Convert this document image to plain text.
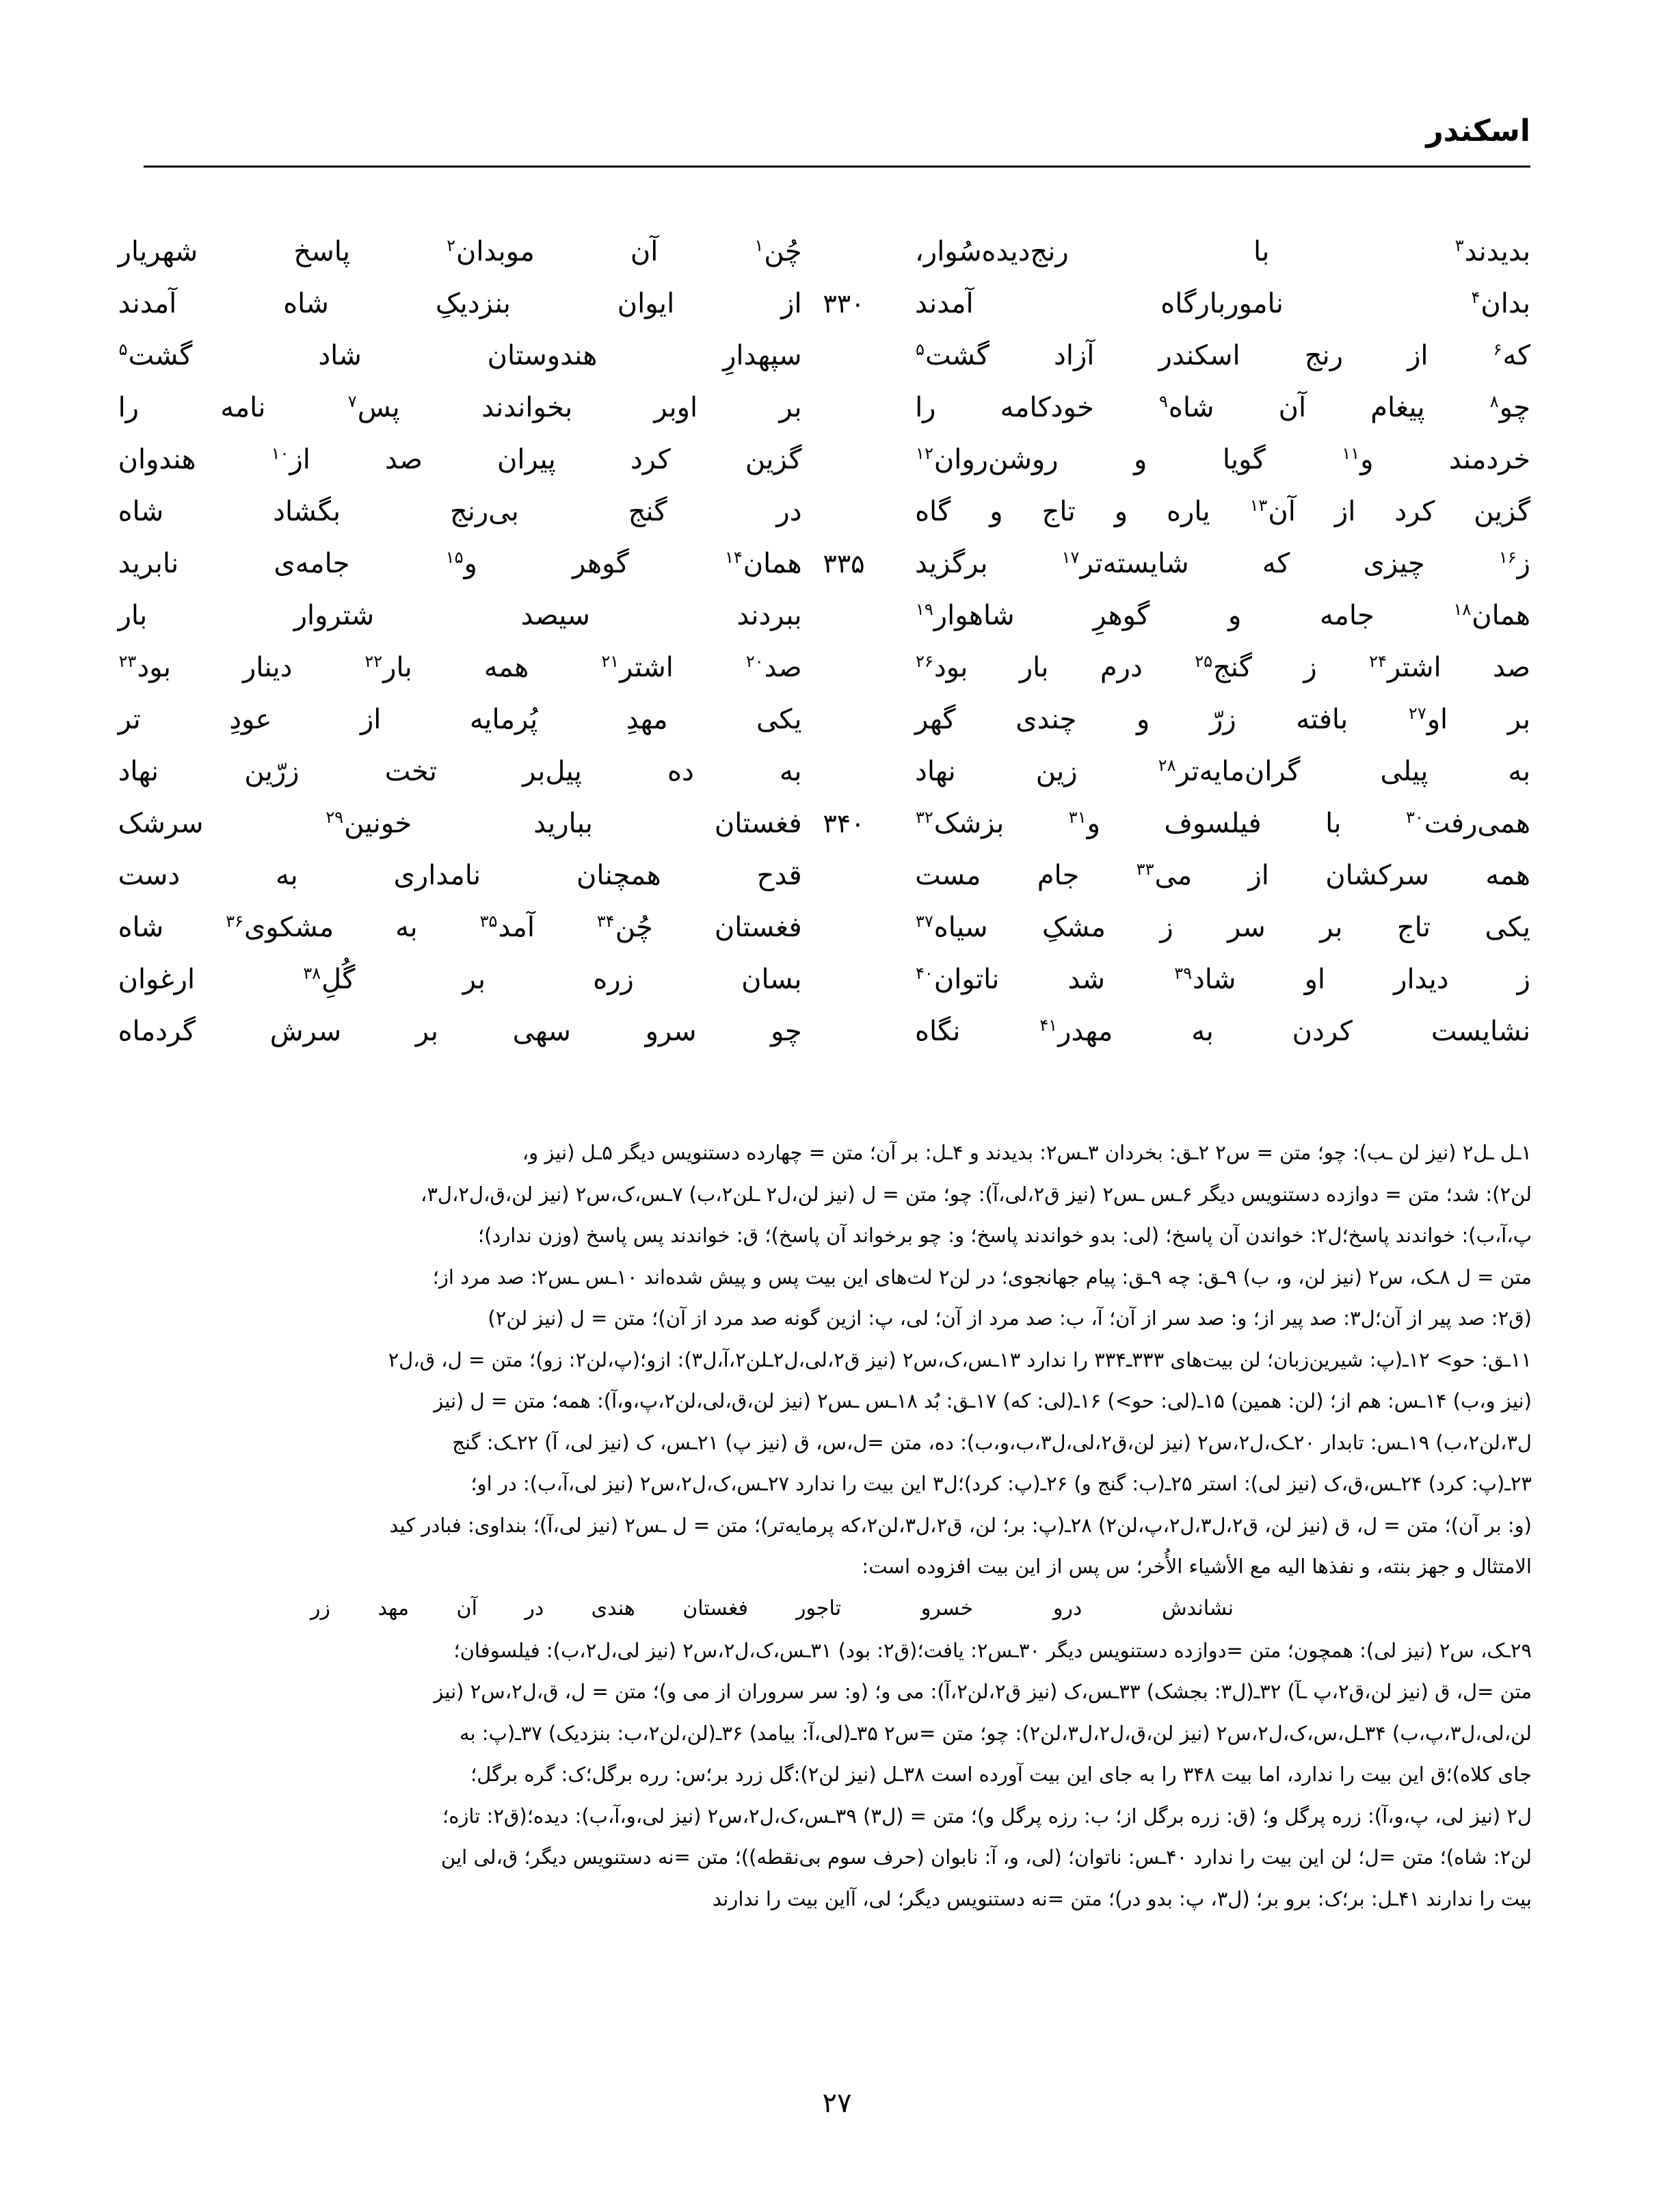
اسکندر
بدیدند$^۳$
با
رنج‌دیده‌سُوار،
چُن$^۱$
آن
موبدان$^۲$
پاسخ
شهریار
بدان$^۴$
نامور‌بارگاه
آمدند
۳۳۰
از
ایوان
بنزدیکِ
شاه
آمدند
که$^۶$
از
رنج
اسکندر
آزاد
گشت$^۵$
سپهدارِ
هندوستان
شاد
گشت$^۵$
چو$^۸$
پیغام
آن
شاه$^۹$
خودکامه
را
بر
اوبر
بخواندند
پس$^۷$
نامه
را
خردمند
و$^{۱۱}$
گویا
و
روشن‌روان$^{۱۲}$
گزین
کرد
پیران
صد
از$^{۱۰}$
هندوان
گزین
کرد
از
آن$^{۱۳}$
یاره
و
تاج
و
گاه
در
گنج
بی‌رنج
بگشاد
شاه
ز$^{۱۶}$
چیزی
که
شایسته‌تر$^{۱۷}$
برگزید
۳۳۵
همان$^{۱۴}$
گوهر
و$^{۱۵}$
جامه‌ی
نابرید
همان$^{۱۸}$
جامه
و
گوهرِ
شاهوار$^{۱۹}$
ببردند
سیصد
شتروار
بار
صد
اشتر$^{۲۴}$
ز
گنج$^{۲۵}$
درم
بار
بود$^{۲۶}$
صد$^{۲۰}$
اشتر$^{۲۱}$
همه
بار$^{۲۲}$
دینار
بود$^{۲۳}$
بر
او$^{۲۷}$
بافته
زرّ
و
چندی
گهر
یکی
مهدِ
پُرمایه
از
عودِ
تر
به
پیلی
گران‌مایه‌تر$^{۲۸}$
زین
نهاد
به
ده
پیل‌بر
تخت
زرّین
نهاد
همی‌رفت$^{۳۰}$
با
فیلسوف
و$^{۳۱}$
بزشک$^{۳۲}$
۳۴۰
فغستان
ببارید
خونین$^{۲۹}$
سرشک
همه
سرکشان
از
می$^{۳۳}$
جام
مست
قدح
همچنان
نامداری
به
دست
یکی
تاج
بر
سر
ز
مشکِ
سیاه$^{۳۷}$
فغستان
چُن$^{۳۴}$
آمد$^{۳۵}$
به
مشکوی$^{۳۶}$
شاه
ز
دیدار
او
شاد$^{۳۹}$
شد
ناتوان$^{۴۰}$
بسان
زره
بر
گُلِ$^{۳۸}$
ارغوان
نشایست
کردن
به
مهدر$^{۴۱}$
نگاه
چو
سرو
سهی
بر
سرش
گردماه
۱ـل ـل۲ (نیز لن ـب): چو؛ متن = س۲ ۲ـق: بخردان ۳ـس۲: بدیدند و ۴ـل: بر آن؛ متن = چهارده دستنویس دیگر ۵ـل (نیز و،
لن۲): شد؛ متن = دوازده دستنویس دیگر ۶ـس ـس۲ (نیز ق۲،لی،آ): چو؛ متن = ل (نیز لن،ل۲ ـلن۲،ب) ۷ـس،ک،س۲ (نیز لن،ق،ل۲،ل۳،
پ،آ،ب): خواندند پاسخ؛ل۲: خواندن آن پاسخ؛ (لی: بدو خواندند پاسخ؛ و: چو بر‌خواند آن پاسخ)؛ ق: خواندند پس پاسخ (وزن ندارد)؛
متن = ل ۸ـک، س۲ (نیز لن، و، ب) ۹ـق: چه ۹ـق: پیام جهانجوی؛ در لن۲ لت‌های این بیت پس و پیش شده‌اند ۱۰ـس ـس۲: صد مرد از؛
(ق۲: صد پیر از آن؛ل۳: صد پیر از؛ و: صد سر از آن؛ آ، ب: صد مرد از آن؛ لی، پ: ازین گونه صد مرد از آن)؛ متن = ل (نیز لن۲)
۱۱ـق: حو> ۱۲ـ(پ: شیرین‌زبان؛ لن بیت‌های ۳۳۳ـ۳۳۴ را ندارد ۱۳ـس،ک،س۲ (نیز ق۲،لی،ل۲ـلن۲،آ،ل۳): ازو؛(پ،لن۲: زو)؛ متن = ل، ق،ل۲
(نیز و،ب) ۱۴ـس: هم از؛ (لن: همین) ۱۵ـ(لی: حو>) ۱۶ـ(لی: که) ۱۷ـق: بُد ۱۸ـس ـس۲ (نیز لن،ق،لی،لن۲،پ،و،آ): همه؛ متن = ل (نیز
ل۳،لن۲،ب) ۱۹ـس: تابدار ۲۰ـک،ل۲،س۲ (نیز لن،ق۲،لی،ل۳،ب،و،ب): ده، متن =ل،س، ق (نیز پ) ۲۱ـس، ک (نیز لی، آ) ۲۲ـک: گنج
۲۳ـ(پ: کرد) ۲۴ـس،ق،ک (نیز لی): استر ۲۵ـ(ب: گنج و) ۲۶ـ(پ: کرد)؛ل۳ این بیت را ندارد ۲۷ـس،ک،ل۲،س۲ (نیز لی،آ،ب): در او؛
(و: بر آن)؛ متن = ل، ق (نیز لن، ق۲،ل۳،ل۲،پ،لن۲) ۲۸ـ(پ: بر؛ لن، ق۲،ل۳،لن۲،که پرمایه‌تر)؛ متن = ل ـس۲ (نیز لی،آ)؛ بنداوی: فبادر کید
الامتثال و جهز بنته، و نفذها اليه مع الأشياء الأُخر؛ س پس از این بیت افزوده است:
نشاندش
درو
خسرو
تاجور
فغستان
هندی
در
آن
مهد
زر
۲۹ـک، س۲ (نیز لی): همچون؛ متن =دوازده دستنویس دیگر ۳۰ـس۲: یافت؛(ق۲: بود) ۳۱ـس،ک،ل۲،س۲ (نیز لی،ل۲،ب): فیلسوفان؛
متن =ل، ق (نیز لن،ق۲،پ ـآ) ۳۲ـ(ل۳: بجشک) ۳۳ـس،ک (نیز ق۲،لن۲،آ): می و؛ (و: سر سروران از می و)؛ متن = ل، ق،ل۲،س۲ (نیز
لن،لی،ل۳،پ،ب) ۳۴ـل،س،ک،ل۲،س۲ (نیز لن،ق،ل۲،ل۳،لن۲): چو؛ متن =س۲ ۳۵ـ(لی،آ: بیامد) ۳۶ـ(لن،لن۲،ب: بنزدیک) ۳۷ـ(پ: به
جای کلاه)؛ق این بیت را ندارد، اما بیت ۳۴۸ را به جای این بیت آورده است ۳۸ـل (نیز لن۲):گل زرد بر؛س: رره برگل؛ک: گره برگل؛
ل۲ (نیز لی، پ،و،آ): زره پرگل و؛ (ق: زره برگل از؛ ب: رزه پرگل و)؛ متن = (ل۳) ۳۹ـس،ک،ل۲،س۲ (نیز لی،و،آ،ب): دیده؛(ق۲: تازه؛
لن۲: شاه)؛ متن =ل؛ لن این بیت را ندارد ۴۰ـس: ناتوان؛ (لی، و، آ: نابوان (حرف سوم بی‌نقطه))؛ متن =نه دستنویس دیگر؛ ق،لی این
بیت را ندارند ۴۱ـل: بر؛ک: برو بر؛ (ل۳، پ: بدو در)؛ متن =نه دستنویس دیگر؛ لی، آاین بیت را ندارند
۲۷
